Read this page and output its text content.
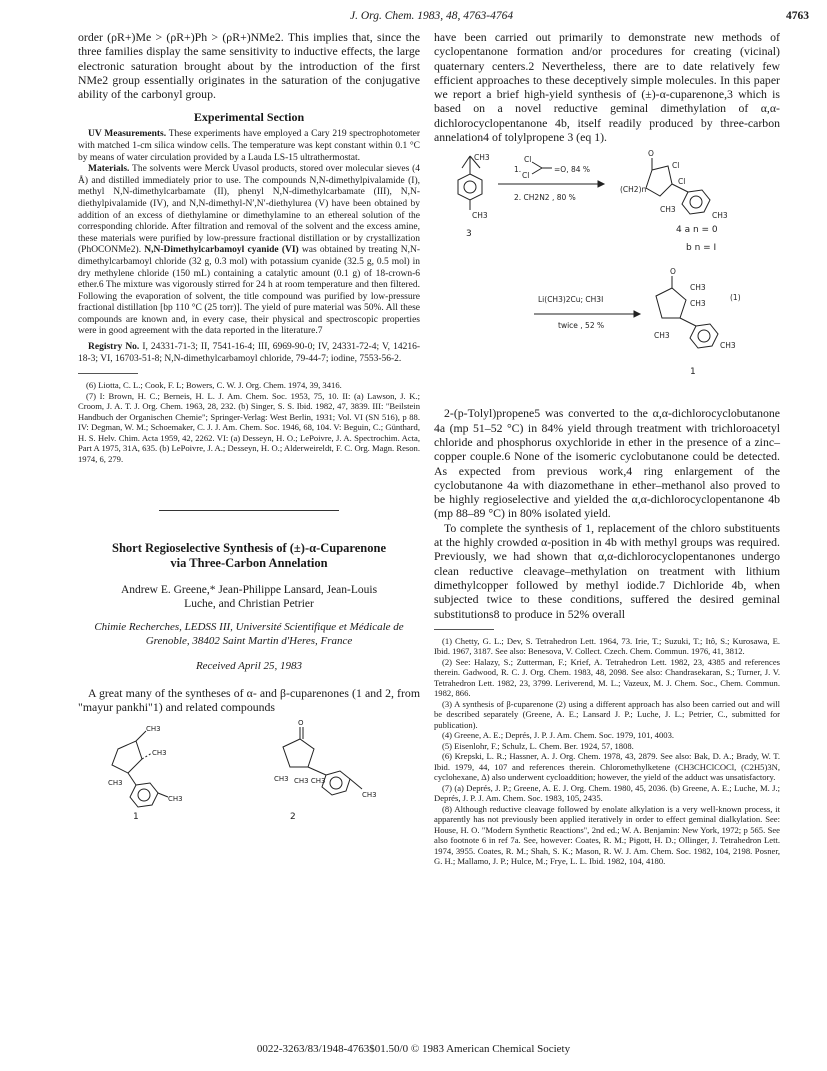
J. Org. Chem. 1983, 48, 4763-4764	4763

order (ρR+)Me > (ρR+)Ph > (ρR+)NMe2. This implies that, since the three families display the same sensitivity to inductive effects, the large electronic saturation brought about by the introduction of the first NMe2 group essentially originates in the saturation of the conjugative ability of the carbonyl group.

Experimental Section

UV Measurements. These experiments have employed a Cary 219 spectrophotometer with matched 1-cm silica window cells. The temperature was kept constant within 0.1 °C by means of water circulation provided by a Lauda LS-15 ultrathermostat.

Materials. The solvents were Merck Uvasol products, stored over molecular sieves (4 Å) and distilled immediately prior to use. The compounds N,N-dimethylpivalamide (I), methyl N,N-dimethylcarbamate (II), phenyl N,N-dimethylcarbamate (III), N,N-diethylpivalamide (IV), and N,N-dimethyl-N′,N′-diethylurea (V) have been obtained by addition of an excess of diethylamine or dimethylamine to an ethereal solution of the corresponding chloride. After filtration and removal of the solvent and the excess amine, these materials were purified by low-pressure fractional distillation or by crystallization (PhOCONMe2). N,N-Dimethylcarbamoyl cyanide (VI) was obtained by treating N,N-dimethylcarbamoyl chloride (32 g, 0.3 mol) with potassium cyanide (32.5 g, 0.5 mol) in dry methylene chloride (150 mL) containing a catalytic amount (0.1 g) of 18-crown-6 ether.6 The mixture was vigorously stirred for 24 h at room temperature and then filtered. Following the evaporation of solvent, the title compound was purified by low-pressure fractional distillation [bp 110 °C (25 torr)]. The yield of pure material was 50%. All these compounds are known and, in every case, their physical and spectroscopic properties were in good agreement with the data reported in the literature.7

Registry No. I, 24331-71-3; II, 7541-16-4; III, 6969-90-0; IV, 24331-72-4; V, 14216-18-3; VI, 16703-51-8; N,N-dimethylcarbamoyl chloride, 79-44-7; iodine, 7553-56-2.

(6) Liotta, C. L.; Cook, F. L; Bowers, C. W. J. Org. Chem. 1974, 39, 3416.

(7) I: Brown, H. C.; Berneis, H. L. J. Am. Chem. Soc. 1953, 75, 10. II: (a) Lawson, J. K.; Croom, J. A. T. J. Org. Chem. 1963, 28, 232. (b) Singer, S. S. Ibid. 1982, 47, 3839. III: "Beilstein Handbuch der Organischen Chemie"; Springer-Verlag: West Berlin, 1931; Vol. VI (SN 516), p 88. IV: Degman, W. M.; Schoemaker, C. J. J. Am. Chem. Soc. 1946, 68, 104. V: Beguin, C.; Günthard, H. S. Helv. Chim. Acta 1959, 42, 2262. VI: (a) Desseyn, H. O.; LePoivre, J. A. Spectrochim. Acta, Part A 1975, 31A, 635. (b) LePoivre, J. A.; Desseyn, H. O.; Alderweireldt, F. C. Org. Magn. Reson. 1974, 6, 279.

Short Regioselective Synthesis of (±)-α-Cuparenone via Three-Carbon Annelation
Andrew E. Greene,* Jean-Philippe Lansard, Jean-Louis Luche, and Christian Petrier
Chimie Recherches, LEDSS III, Université Scientifique et Médicale de Grenoble, 38402 Saint Martin d'Heres, France
Received April 25, 1983

A great many of the syntheses of α- and β-cuparenones (1 and 2, from "mayur pankhi"1) and related compounds

CH3
CH3
CH3
CH3
O
CH3 CH3 CH3
CH3
1	2

have been carried out primarily to demonstrate new methods of cyclopentanone formation and/or procedures for creating (vicinal) quaternary centers.2 Nevertheless, there are to date relatively few efficient approaches to these deceptively simple molecules. In this paper we report a brief high-yield synthesis of (±)-α-cuparenone,3 which is based on a novel reductive geminal dimethylation of α,α-dichlorocyclopentanone 4b, itself readily produced by three-carbon annelation4 of tolylpropene 3 (eq 1).

CH3
CH3
Cl
Cl
1.	=O, 84 %
2. CH2N2 , 80 %
O
Cl
Cl
(CH2)n
CH3
CH3
Li(CH3)2Cu; CH3I
twice , 52 %
O
CH3
CH3
(1)
CH3
CH3
3	4 a n = 0
b n = I
1

2-(p-Tolyl)propene5 was converted to the α,α-dichlorocyclobutanone 4a (mp 51–52 °C) in 84% yield through treatment with trichloroacetyl chloride and phosphorus oxychloride in ether in the presence of a zinc–copper couple.6 None of the isomeric cyclobutanone could be detected. As expected from previous work,4 ring enlargement of the cyclobutanone 4a with diazomethane in ether–methanol also proved to be highly regioselective and yielded the α,α-dichlorocyclopentanone 4b (mp 88–89 °C) in 80% isolated yield.

To complete the synthesis of 1, replacement of the chloro substituents at the highly crowded α-position in 4b with methyl groups was required. Previously, we had shown that α,α-dichlorocyclopentanones undergo clean reductive cleavage–methylation on treatment with lithium dimethylcopper followed by methyl iodide.7 Dichloride 4b, when subjected twice to these conditions, suffered the desired geminal substitutions8 to produce in 52% overall

(1) Chetty, G. L.; Dev, S. Tetrahedron Lett. 1964, 73. Irie, T.; Suzuki, T.; Itô, S.; Kurosawa, E. Ibid. 1967, 3187. See also: Benesova, V. Collect. Czech. Chem. Commun. 1976, 41, 3812.

(2) See: Halazy, S.; Zutterman, F.; Krief, A. Tetrahedron Lett. 1982, 23, 4385 and references therein. Gadwood, R. C. J. Org. Chem. 1983, 48, 2098. See also: Chandrasekaran, S.; Turner, J. V. Tetrahedron Lett. 1982, 23, 3799. Leriverend, M. L.; Vazeux, M. J. Chem. Soc., Chem. Commun. 1982, 866.

(3) A synthesis of β-cuparenone (2) using a different approach has also been carried out and will be described separately (Greene, A. E.; Lansard J. P.; Luche, J. L.; Petrier, C., submitted for publication).

(4) Greene, A. E.; Deprés, J. P. J. Am. Chem. Soc. 1979, 101, 4003.

(5) Eisenlohr, F.; Schulz, L. Chem. Ber. 1924, 57, 1808.

(6) Krepski, L. R.; Hassner, A. J. Org. Chem. 1978, 43, 2879. See also: Bak, D. A.; Brady, W. T. Ibid. 1979, 44, 107 and references therein. Chloromethylketene (CH3CHClCOCl, (C2H5)3N, cyclohexane, Δ) also underwent cycloaddition; however, the yield of the adduct was unsatisfactory.

(7) (a) Deprés, J. P.; Greene, A. E. J. Org. Chem. 1980, 45, 2036. (b) Greene, A. E.; Luche, M. J.; Deprés, J. P. J. Am. Chem. Soc. 1983, 105, 2435.

(8) Although reductive cleavage followed by enolate alkylation is a very well-known process, it apparently has not previously been applied iteratively in order to effect geminal dialkylation. See: House, H. O. "Modern Synthetic Reactions", 2nd ed.; W. A. Benjamin: New York, 1972; p 565. See also footnote 6 in ref 7a. See, however: Coates, R. M.; Pigott, H. D.; Ollinger, J. Tetrahedron Lett. 1974, 3955. Coates, R. M.; Shah, S. K.; Mason, R. W. J. Am. Chem. Soc. 1982, 104, 2198. Posner, G. H.; Mallamo, J. P.; Hulce, M.; Frye, L. L. Ibid. 1982, 104, 4180.

0022-3263/83/1948-4763$01.50/0 © 1983 American Chemical Society
